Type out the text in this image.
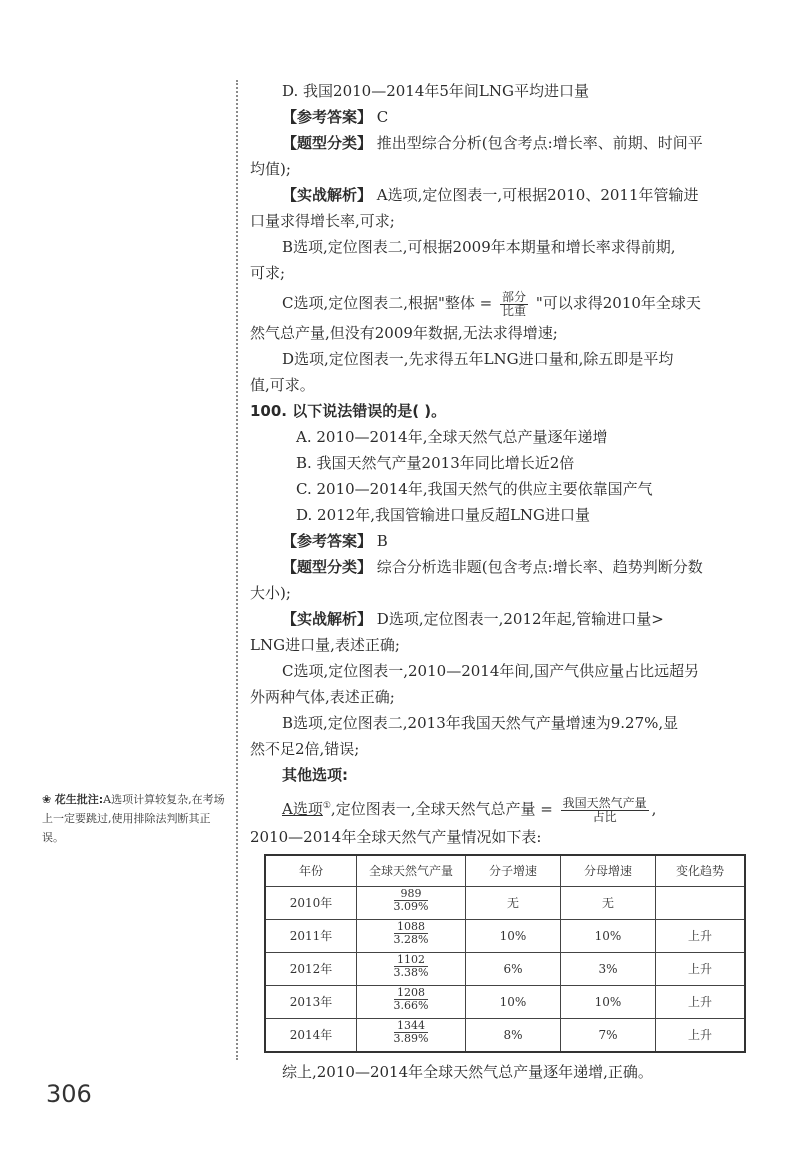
❀ 花生批注:A选项计算较复杂,在考场上一定要跳过,使用排除法判断其正误。
D. 我国2010—2014年5年间LNG平均进口量
【参考答案】 C
【题型分类】 推出型综合分析(包含考点:增长率、前期、时间平
均值);
【实战解析】 A选项,定位图表一,可根据2010、2011年管输进
口量求得增长率,可求;
B选项,定位图表二,可根据2009年本期量和增长率求得前期,
可求;
C选项,定位图表二,根据"整体 = $\frac{\text{部分}}{\text{比重}}$ "可以求得2010年全球天
然气总产量,但没有2009年数据,无法求得增速;
D选项,定位图表一,先求得五年LNG进口量和,除五即是平均
值,可求。
100. 以下说法错误的是( )。
A. 2010—2014年,全球天然气总产量逐年递增
B. 我国天然气产量2013年同比增长近2倍
C. 2010—2014年,我国天然气的供应主要依靠国产气
D. 2012年,我国管输进口量反超LNG进口量
【参考答案】 B
【题型分类】 综合分析选非题(包含考点:增长率、趋势判断分数
大小);
【实战解析】 D选项,定位图表一,2012年起,管输进口量>
LNG进口量,表述正确;
C选项,定位图表一,2010—2014年间,国产气供应量占比远超另
外两种气体,表述正确;
B选项,定位图表二,2013年我国天然气产量增速为9.27%,显
然不足2倍,错误;
其他选项:
A选项①,定位图表一,全球天然气总产量 = $\frac{\text{我国天然气产量}}{\text{占比}}$ ,
2010—2014年全球天然气产量情况如下表:
年份	全球天然气产量	分子增速	分母增速	变化趋势
2010年	$\frac{989}{3.09\%}$	无	无	
2011年	$\frac{1088}{3.28\%}$	10%	10%	上升
2012年	$\frac{1102}{3.38\%}$	6%	3%	上升
2013年	$\frac{1208}{3.66\%}$	10%	10%	上升
2014年	$\frac{1344}{3.89\%}$	8%	7%	上升
综上,2010—2014年全球天然气总产量逐年递增,正确。
306
